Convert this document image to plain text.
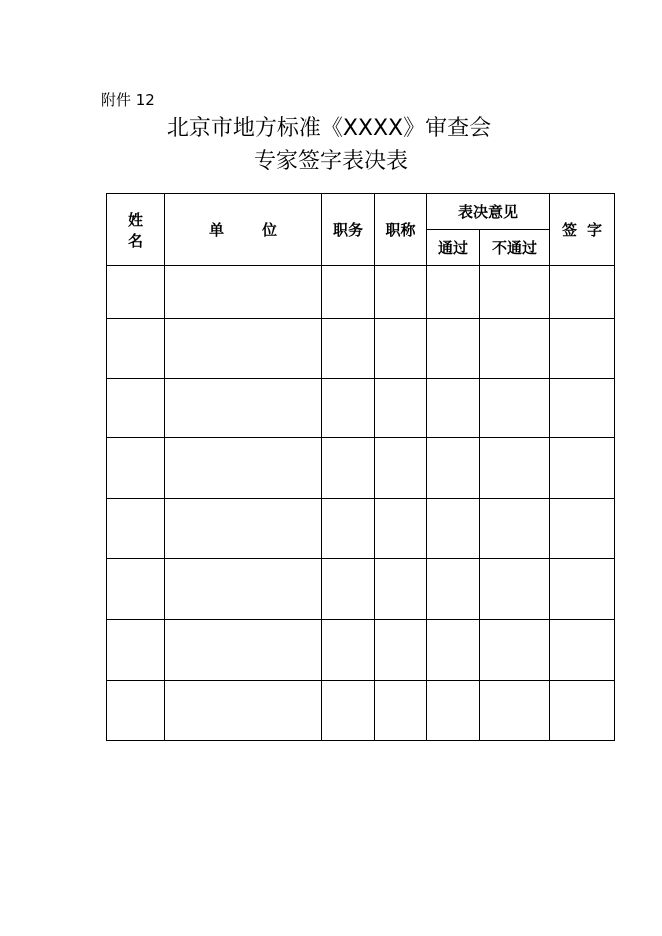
附件 12
北京市地方标准《XXXX》审查会
专家签字表决表
姓名	单位	职务	职称	表决意见		签字
				通过	不通过	
